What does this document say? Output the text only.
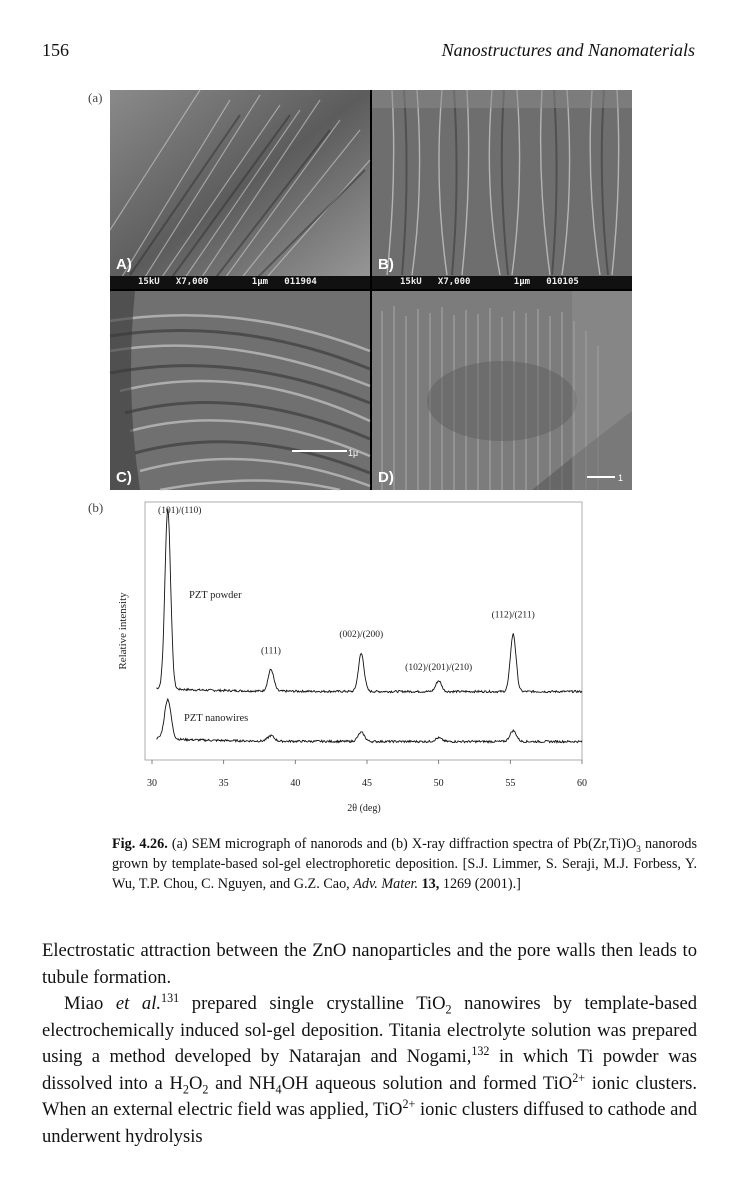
156	Nanostructures and Nanomaterials
(a)
15kU   X7,000        1μm   011904
A)
15kU   X7,000        1μm   010105
B)
1μ
C)	1
D)
(b)
30	35	40	45	50	55	60
PZT powder
(101)/(110)
(111)
(002)/(200)
(102)/(201)/(210)
(112)/(211)
PZT nanowires
Relative intensity
2θ (deg)
Fig. 4.26. (a) SEM micrograph of nanorods and (b) X-ray diffraction spectra of $Pb(Zr,Ti)O_3$ nanorods grown by template-based sol-gel electrophoretic deposition. [S.J. Limmer, S. Seraji, M.J. Forbess, Y. Wu, T.P. Chou, C. Nguyen, and G.Z. Cao, Adv. Mater. 13, 1269 (2001).]

Electrostatic attraction between the ZnO nanoparticles and the pore walls then leads to tubule formation.

Miao et al.$^{131}$ prepared single crystalline TiO$_2$ nanowires by template-based electrochemically induced sol-gel deposition. Titania electrolyte solution was prepared using a method developed by Natarajan and Nogami,$^{132}$ in which Ti powder was dissolved into a $H_2O_2$ and $NH_4OH$ aqueous solution and formed TiO$^{2+}$ ionic clusters. When an external electric field was applied, TiO$^{2+}$ ionic clusters diffused to cathode and underwent hydrolysis
